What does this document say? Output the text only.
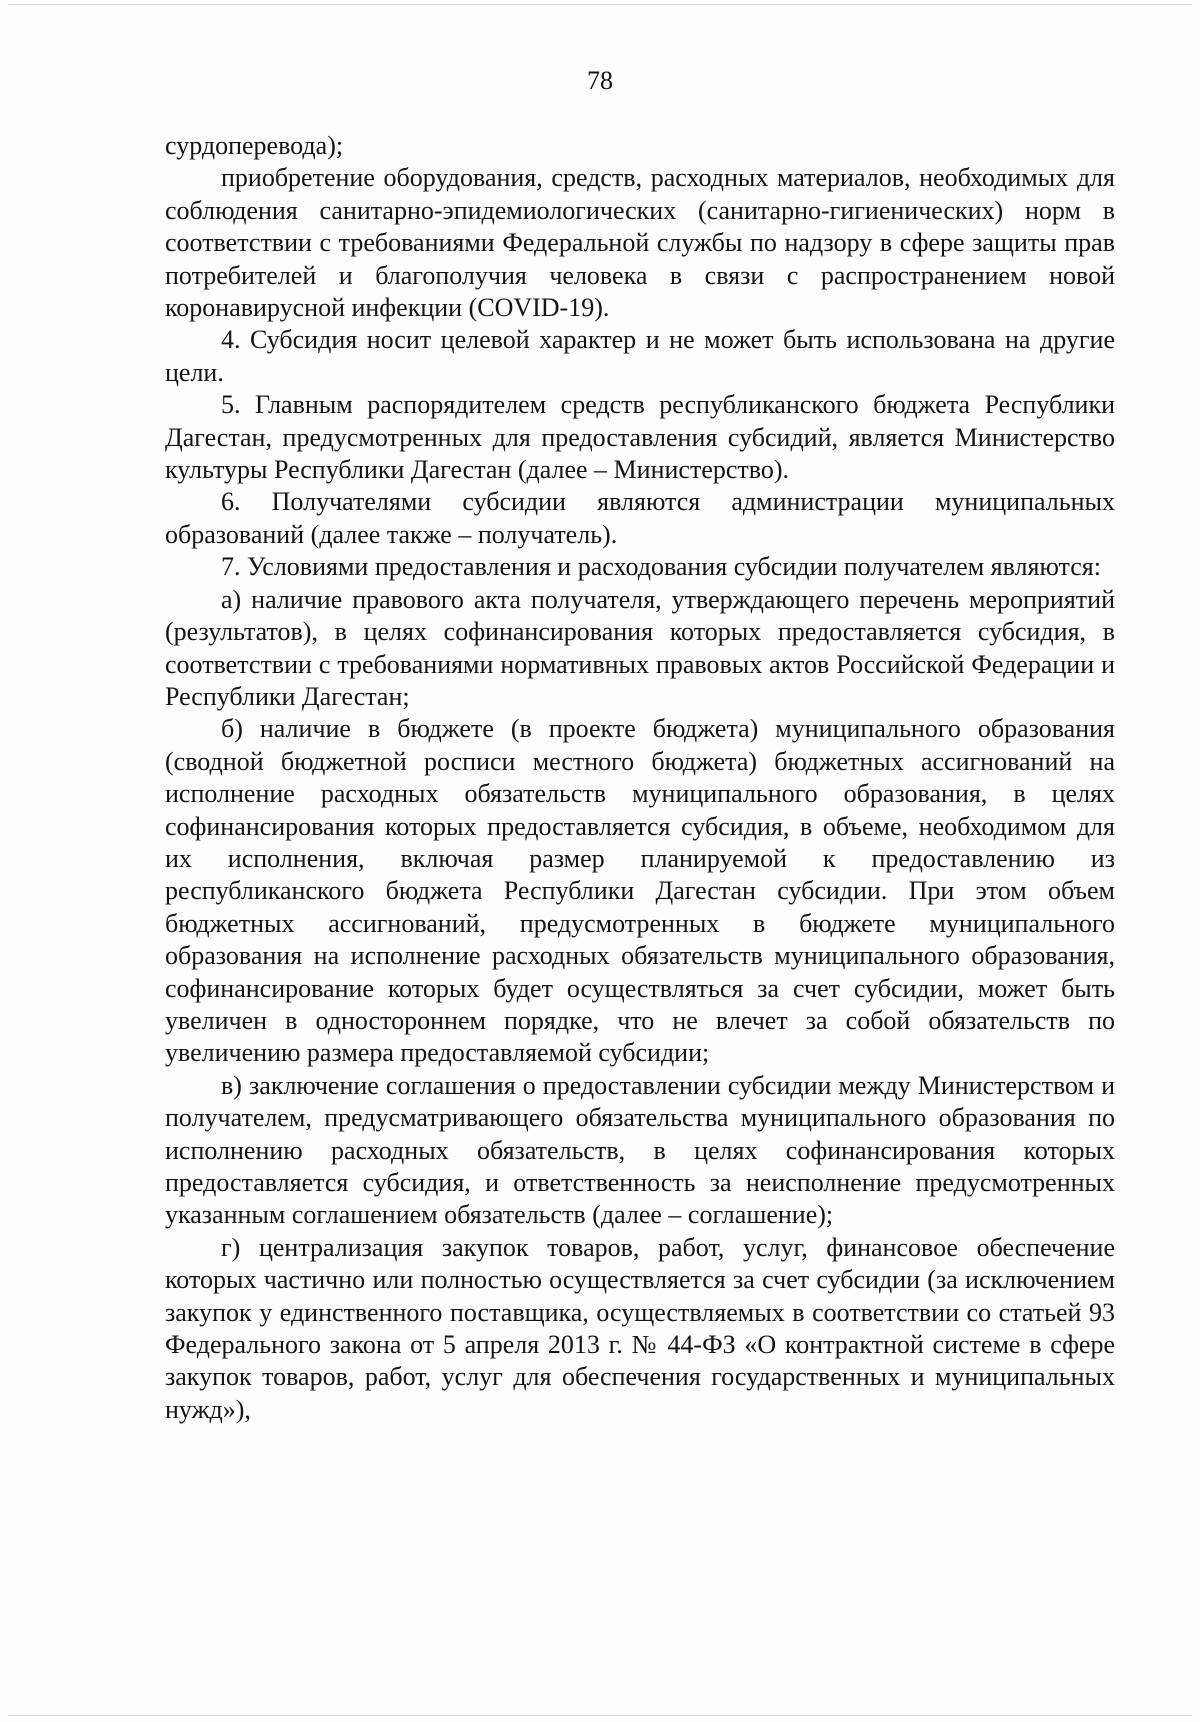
78

сурдоперевода);

приобретение оборудования, средств, расходных материалов, необходимых для соблюдения санитарно-эпидемиологических (санитарно-гигиенических) норм в соответствии с требованиями Федеральной службы по надзору в сфере защиты прав потребителей и благополучия человека в связи с распространением новой коронавирусной инфекции (COVID-19).

4. Субсидия носит целевой характер и не может быть использована на другие цели.

5. Главным распорядителем средств республиканского бюджета Республики Дагестан, предусмотренных для предоставления субсидий, является Министерство культуры Республики Дагестан (далее – Министерство).

6. Получателями субсидии являются администрации муниципальных образований (далее также – получатель).

7. Условиями предоставления и расходования субсидии получателем являются:

а) наличие правового акта получателя, утверждающего перечень мероприятий (результатов), в целях софинансирования которых предоставляется субсидия, в соответствии с требованиями нормативных правовых актов Российской Федерации и Республики Дагестан;

б) наличие в бюджете (в проекте бюджета) муниципального образования (сводной бюджетной росписи местного бюджета) бюджетных ассигнований на исполнение расходных обязательств муниципального образования, в целях софинансирования которых предоставляется субсидия, в объеме, необходимом для их исполнения, включая размер планируемой к предоставлению из республиканского бюджета Республики Дагестан субсидии. При этом объем бюджетных ассигнований, предусмотренных в бюджете муниципального образования на исполнение расходных обязательств муниципального образования, софинансирование которых будет осуществляться за счет субсидии, может быть увеличен в одностороннем порядке, что не влечет за собой обязательств по увеличению размера предоставляемой субсидии;

в) заключение соглашения о предоставлении субсидии между Министерством и получателем, предусматривающего обязательства муниципального образования по исполнению расходных обязательств, в целях софинансирования которых предоставляется субсидия, и ответственность за неисполнение предусмотренных указанным соглашением обязательств (далее – соглашение);

г) централизация закупок товаров, работ, услуг, финансовое обеспечение которых частично или полностью осуществляется за счет субсидии (за исключением закупок у единственного поставщика, осуществляемых в соответствии со статьей 93 Федерального закона от 5 апреля 2013 г. № 44-ФЗ «О контрактной системе в сфере закупок товаров, работ, услуг для обеспечения государственных и муниципальных нужд»),
